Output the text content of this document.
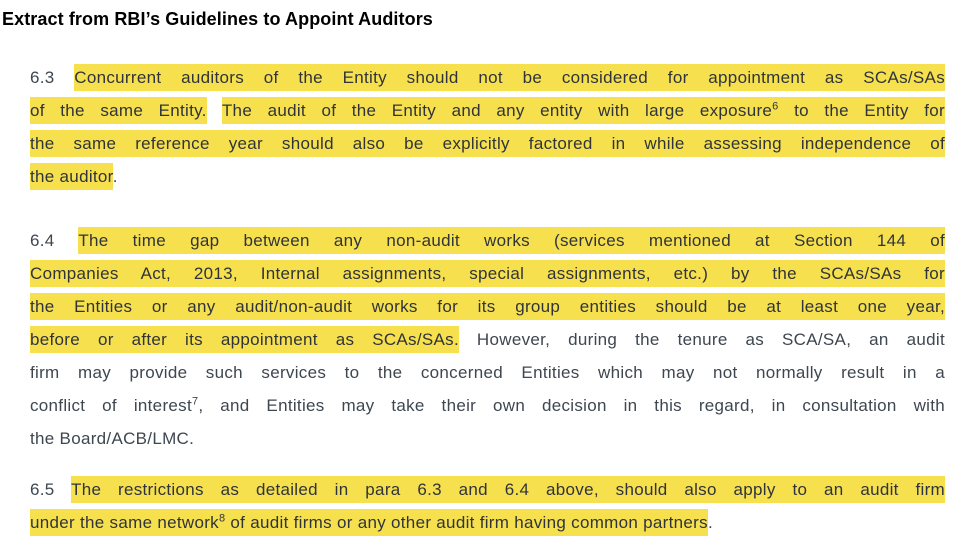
Extract from RBI’s Guidelines to Appoint Auditors
6.3 Concurrent auditors of the Entity should not be considered for appointment as SCAs/SAs
of the same Entity. The audit of the Entity and any entity with large exposure$^6$ to the Entity for
the same reference year should also be explicitly factored in while assessing independence of
the auditor.
6.4 The time gap between any non-audit works (services mentioned at Section 144 of
Companies Act, 2013, Internal assignments, special assignments, etc.) by the SCAs/SAs for
the Entities or any audit/non-audit works for its group entities should be at least one year,
before or after its appointment as SCAs/SAs. However, during the tenure as SCA/SA, an audit
firm may provide such services to the concerned Entities which may not normally result in a
conflict of interest$^7$, and Entities may take their own decision in this regard, in consultation with
the Board/ACB/LMC.
6.5 The restrictions as detailed in para 6.3 and 6.4 above, should also apply to an audit firm
under the same network$^8$ of audit firms or any other audit firm having common partners.
